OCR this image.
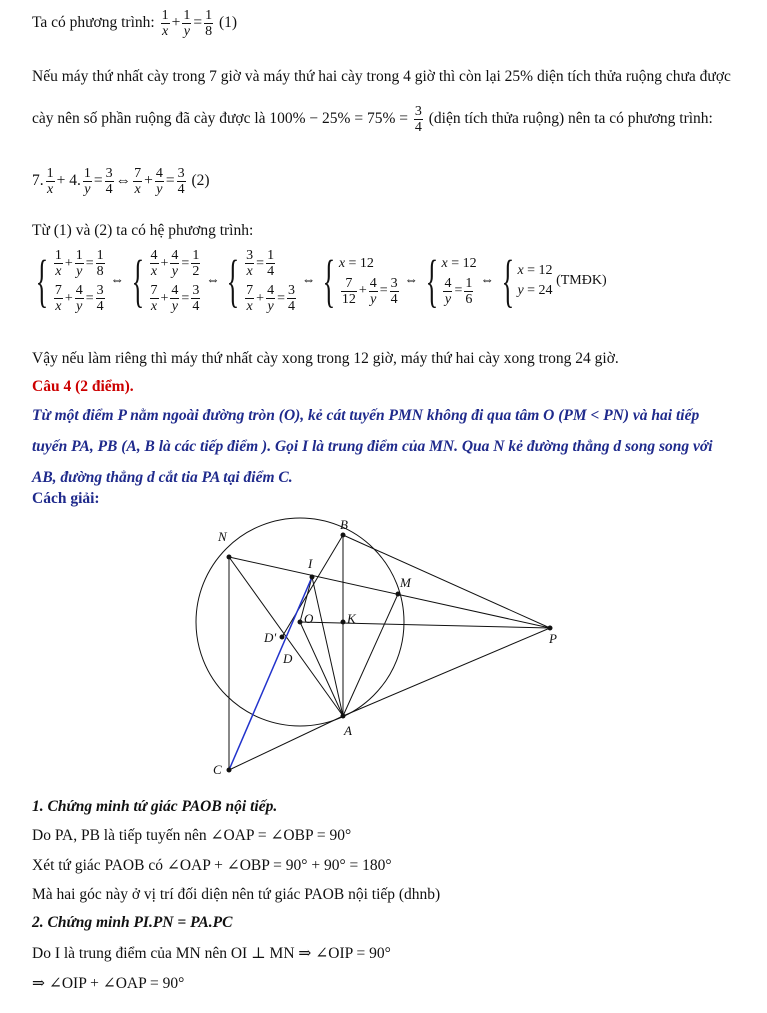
Ta có phương trình: $\frac{1}{x} + \frac{1}{y} = \frac{1}{8} (1)$
Nếu máy thứ nhất cày trong 7 giờ và máy thứ hai cày trong 4 giờ thì còn lại 25% diện tích thửa ruộng chưa được cày nên số phần ruộng đã cày được là $100\% - 25\% = 75\% = \frac{3}{4}$ (diện tích thửa ruộng) nên ta có phương trình:
7. $\frac{1}{x} + 4$. $\frac{1}{y} = \frac{3}{4}$ ⇔ $\frac{7}{x} + \frac{4}{y} = \frac{3}{4} (2)$
Từ (1) và (2) ta có hệ phương trình:
{ $\frac{1}{x} + \frac{1}{y} = \frac{1}{8}$
$\frac{7}{x} + \frac{4}{y} = \frac{3}{4}$
⇔ { $\frac{4}{x} + \frac{4}{y} = \frac{1}{2}$
$\frac{7}{x} + \frac{4}{y} = \frac{3}{4}$
⇔ { $\frac{3}{x} = \frac{1}{4}$
$\frac{7}{x} + \frac{4}{y} = \frac{3}{4}$
⇔ { x = 12
$\frac{7}{12} + \frac{4}{y} = \frac{3}{4}$ ⇔ { x = 12
$\frac{4}{y} = \frac{1}{6}$ ⇔ { x = 12
y = 24
(TMĐK)
Vậy nếu làm riêng thì máy thứ nhất cày xong trong 12 giờ, máy thứ hai cày xong trong 24 giờ.
Câu 4 (2 điểm).
Từ một điểm P nằm ngoài đường tròn (O), kẻ cát tuyến PMN không đi qua tâm O (PM < PN) và hai tiếp tuyến PA, PB (A, B là các tiếp điểm ). Gọi I là trung điểm của MN. Qua N kẻ đường thẳng d song song với AB, đường thẳng d cắt tia PA tại điểm C.
Cách giải:
N
B
I
M
O	K
P
D'
D
A
C
1. Chứng minh tứ giác PAOB nội tiếp.
Do PA, PB là tiếp tuyến nên ∠OAP = ∠OBP = 90°
Xét tứ giác PAOB có ∠OAP + ∠OBP = 90° + 90° = 180°
Mà hai góc này ở vị trí đối diện nên tứ giác PAOB nội tiếp (dhnb)
2. Chứng minh PI.PN = PA.PC
Do I là trung điểm của MN nên OI ⊥ MN ⇒ ∠OIP = 90°
⇒ ∠OIP + ∠OAP = 90°
